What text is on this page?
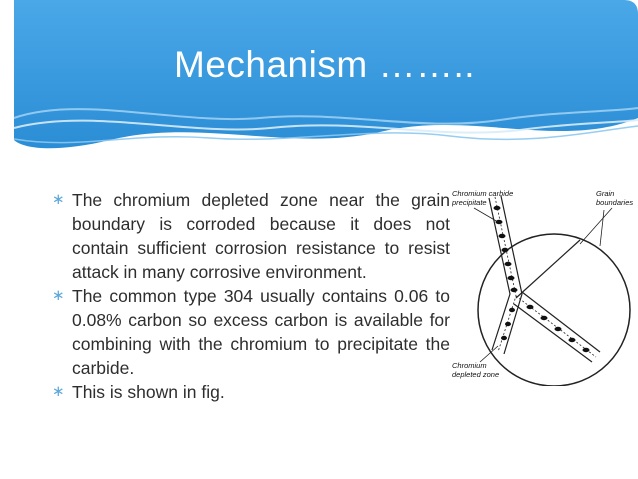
Mechanism ……..
∗ The chromium depleted zone near the grain boundary is corroded because it does not contain sufficient corrosion resistance to resist attack in many corrosive environment.
∗ The common type 304 usually contains 0.06 to 0.08% carbon so excess carbon is available for combining with the chromium to precipitate the carbide.
∗ This is shown in fig.
Chromium carbide
precipitate
Grain
boundaries
Chromium
depleted zone
